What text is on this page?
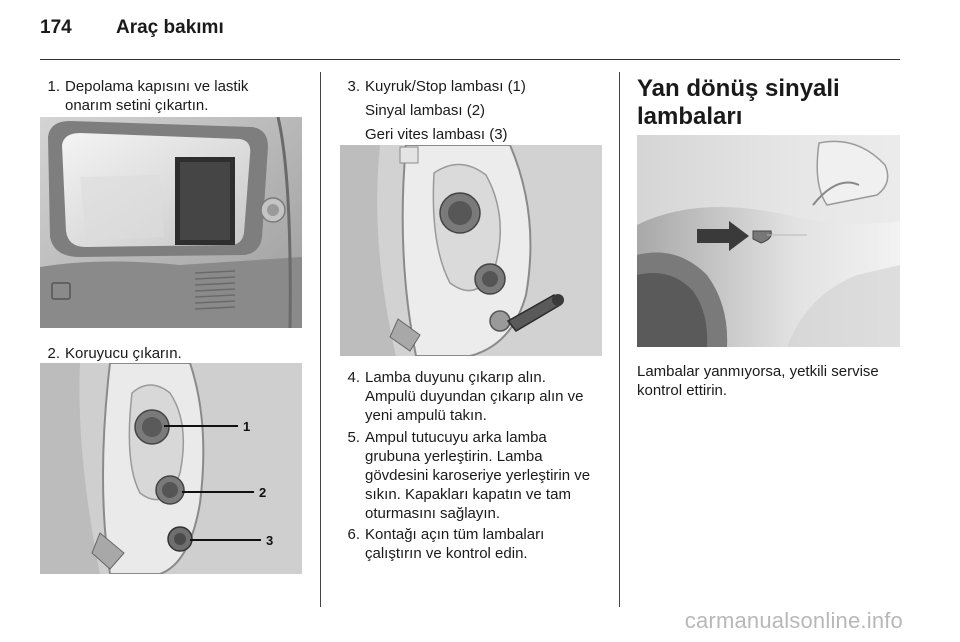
174 Araç bakımı
1. Depolama kapısını ve lastik
onarım setini çıkartın.
2. Koruyucu çıkarın.
1
2
3
3. Kuyruk/Stop lambası (1)
Sinyal lambası (2)
Geri vites lambası (3)
4. Lamba duyunu çıkarıp alın.
Ampulü duyundan çıkarıp alın ve
yeni ampulü takın.
5. Ampul tutucuyu arka lamba
grubuna yerleştirin. Lamba
gövdesini karoseriye yerleştirin ve
sıkın. Kapakları kapatın ve tam
oturmasını sağlayın.
6. Kontağı açın tüm lambaları
çalıştırın ve kontrol edin.
Yan dönüş sinyali
lambaları
Lambalar yanmıyorsa, yetkili servise
kontrol ettirin.
carmanualsonline.info
